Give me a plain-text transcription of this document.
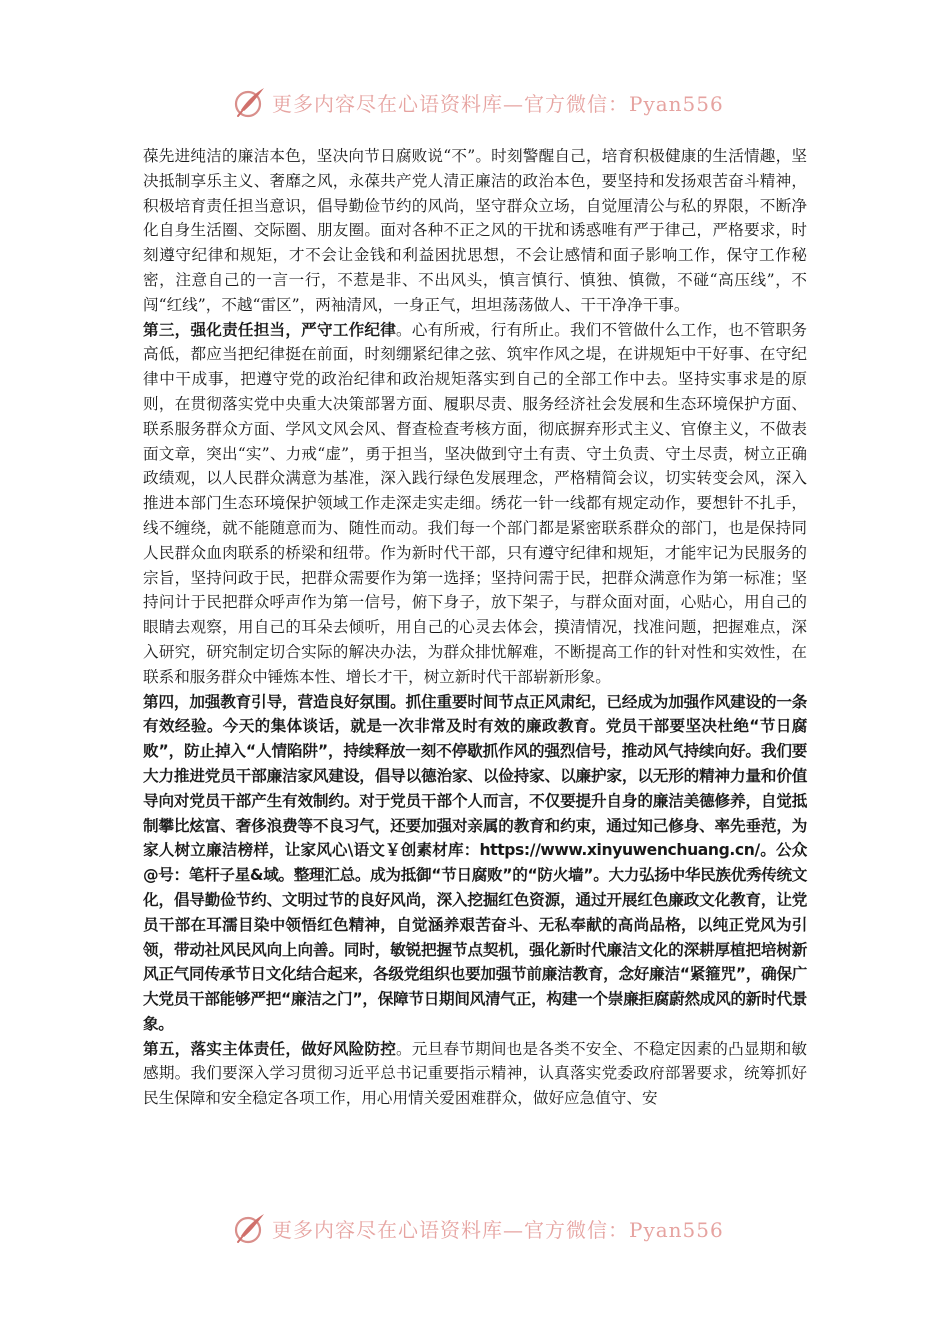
更多内容尽在心语资料库—官方微信：Pyan556

葆先进纯洁的廉洁本色，坚决向节日腐败说“不”。时刻警醒自己，培育积极健康的生活情趣，坚决抵制享乐主义、奢靡之风，永葆共产党人清正廉洁的政治本色，要坚持和发扬艰苦奋斗精神，积极培育责任担当意识，倡导勤俭节约的风尚，坚守群众立场，自觉厘清公与私的界限，不断净化自身生活圈、交际圈、朋友圈。面对各种不正之风的干扰和诱惑唯有严于律己，严格要求，时刻遵守纪律和规矩，才不会让金钱和利益困扰思想，不会让感情和面子影响工作，保守工作秘密，注意自己的一言一行，不惹是非、不出风头，慎言慎行、慎独、慎微，不碰“高压线”，不闯“红线”，不越“雷区”，两袖清风，一身正气，坦坦荡荡做人、干干净净干事。

第三，强化责任担当，严守工作纪律。心有所戒，行有所止。我们不管做什么工作，也不管职务高低，都应当把纪律挺在前面，时刻绷紧纪律之弦、筑牢作风之堤，在讲规矩中干好事、在守纪律中干成事，把遵守党的政治纪律和政治规矩落实到自己的全部工作中去。坚持实事求是的原则，在贯彻落实党中央重大决策部署方面、履职尽责、服务经济社会发展和生态环境保护方面、联系服务群众方面、学风文风会风、督查检查考核方面，彻底摒弃形式主义、官僚主义，不做表面文章，突出“实”、力戒“虚”，勇于担当，坚决做到守土有责、守土负责、守土尽责，树立正确政绩观，以人民群众满意为基准，深入践行绿色发展理念，严格精简会议，切实转变会风，深入推进本部门生态环境保护领域工作走深走实走细。绣花一针一线都有规定动作，要想针不扎手，线不缠绕，就不能随意而为、随性而动。我们每一个部门都是紧密联系群众的部门，也是保持同人民群众血肉联系的桥梁和纽带。作为新时代干部，只有遵守纪律和规矩，才能牢记为民服务的宗旨，坚持问政于民，把群众需要作为第一选择；坚持问需于民，把群众满意作为第一标准；坚持问计于民把群众呼声作为第一信号，俯下身子，放下架子，与群众面对面，心贴心，用自己的眼睛去观察，用自己的耳朵去倾听，用自己的心灵去体会，摸清情况，找准问题，把握难点，深入研究，研究制定切合实际的解决办法，为群众排忧解难，不断提高工作的针对性和实效性，在联系和服务群众中锤炼本性、增长才干，树立新时代干部崭新形象。

第四，加强教育引导，营造良好氛围。抓住重要时间节点正风肃纪，已经成为加强作风建设的一条有效经验。今天的集体谈话，就是一次非常及时有效的廉政教育。党员干部要坚决杜绝“节日腐败”，防止掉入“人情陷阱”，持续释放一刻不停歇抓作风的强烈信号，推动风气持续向好。我们要大力推进党员干部廉洁家风建设，倡导以德治家、以俭持家、以廉护家，以无形的精神力量和价值导向对党员干部产生有效制约。对于党员干部个人而言，不仅要提升自身的廉洁美德修养，自觉抵制攀比炫富、奢侈浪费等不良习气，还要加强对亲属的教育和约束，通过知己修身、率先垂范，为家人树立廉洁榜样，让家风心\语文￥创素材库：https://www.xinyuwenchuang.cn/。公众@号：笔杆子星&域。整理汇总。成为抵御“节日腐败”的“防火墙”。大力弘扬中华民族优秀传统文化，倡导勤俭节约、文明过节的良好风尚，深入挖掘红色资源，通过开展红色廉政文化教育，让党员干部在耳濡目染中领悟红色精神，自觉涵养艰苦奋斗、无私奉献的高尚品格，以纯正党风为引领，带动社风民风向上向善。同时，敏锐把握节点契机，强化新时代廉洁文化的深耕厚植把培树新风正气同传承节日文化结合起来，各级党组织也要加强节前廉洁教育，念好廉洁“紧箍咒”，确保广大党员干部能够严把“廉洁之门”，保障节日期间风清气正，构建一个崇廉拒腐蔚然成风的新时代景象。

第五，落实主体责任，做好风险防控。元旦春节期间也是各类不安全、不稳定因素的凸显期和敏感期。我们要深入学习贯彻习近平总书记重要指示精神，认真落实党委政府部署要求，统筹抓好民生保障和安全稳定各项工作，用心用情关爱困难群众，做好应急值守、安

更多内容尽在心语资料库—官方微信：Pyan556
